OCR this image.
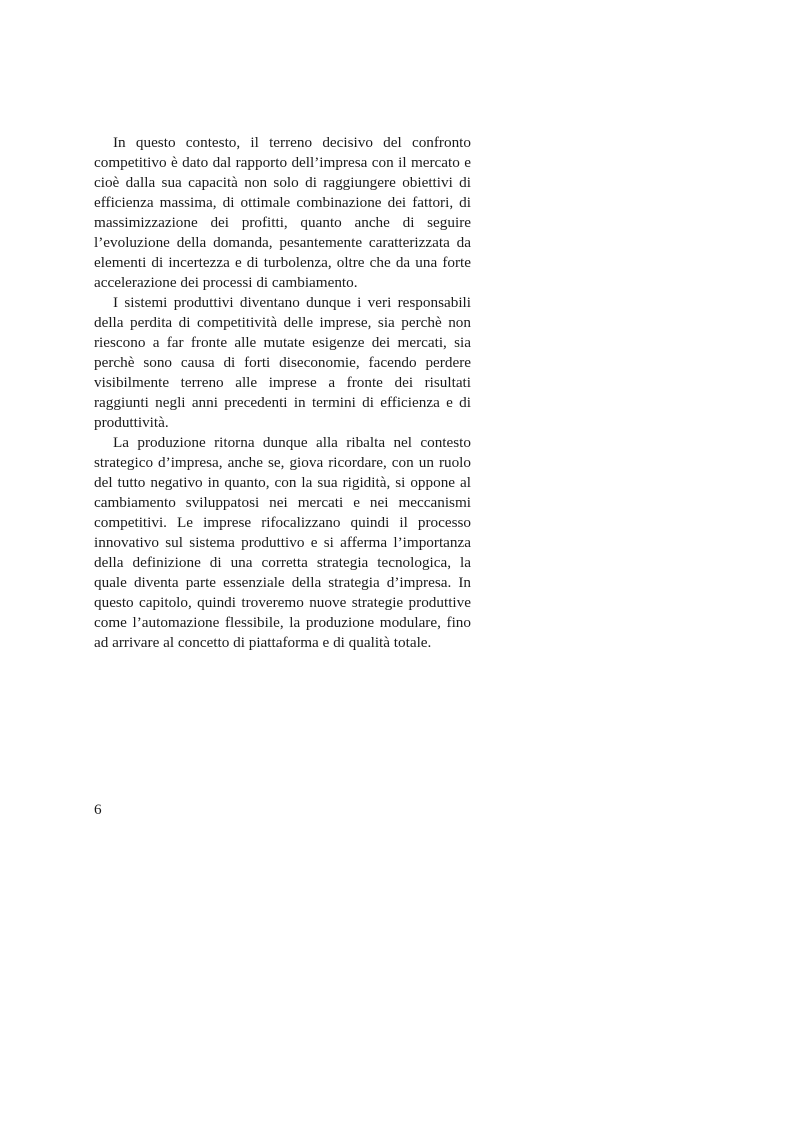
In questo contesto, il terreno decisivo del confronto competitivo è dato dal rapporto dell’impresa con il mercato e cioè dalla sua capacità non solo di raggiungere obiettivi di efficienza massima, di ottimale combinazione dei fattori, di massimizzazione dei profitti, quanto anche di seguire l’evoluzione della domanda, pesantemente caratterizzata da elementi di incertezza e di turbolenza, oltre che da una forte accelerazione dei processi di cambiamento.

I sistemi produttivi diventano dunque i veri responsabili della perdita di competitività delle imprese, sia perchè non riescono a far fronte alle mutate esigenze dei mercati, sia perchè sono causa di forti diseconomie, facendo perdere visibilmente terreno alle imprese a fronte dei risultati raggiunti negli anni precedenti in termini di efficienza e di produttività.

La produzione ritorna dunque alla ribalta nel contesto strategico d’impresa, anche se, giova ricordare, con un ruolo del tutto negativo in quanto, con la sua rigidità, si oppone al cambiamento sviluppatosi nei mercati e nei meccanismi competitivi. Le imprese rifocalizzano quindi il processo innovativo sul sistema produttivo e si afferma l’importanza della definizione di una corretta strategia tecnologica, la quale diventa parte essenziale della strategia d’impresa. In questo capitolo, quindi troveremo nuove strategie produttive come l’automazione flessibile, la produzione modulare, fino ad arrivare al concetto di piattaforma e di qualità totale.

6
